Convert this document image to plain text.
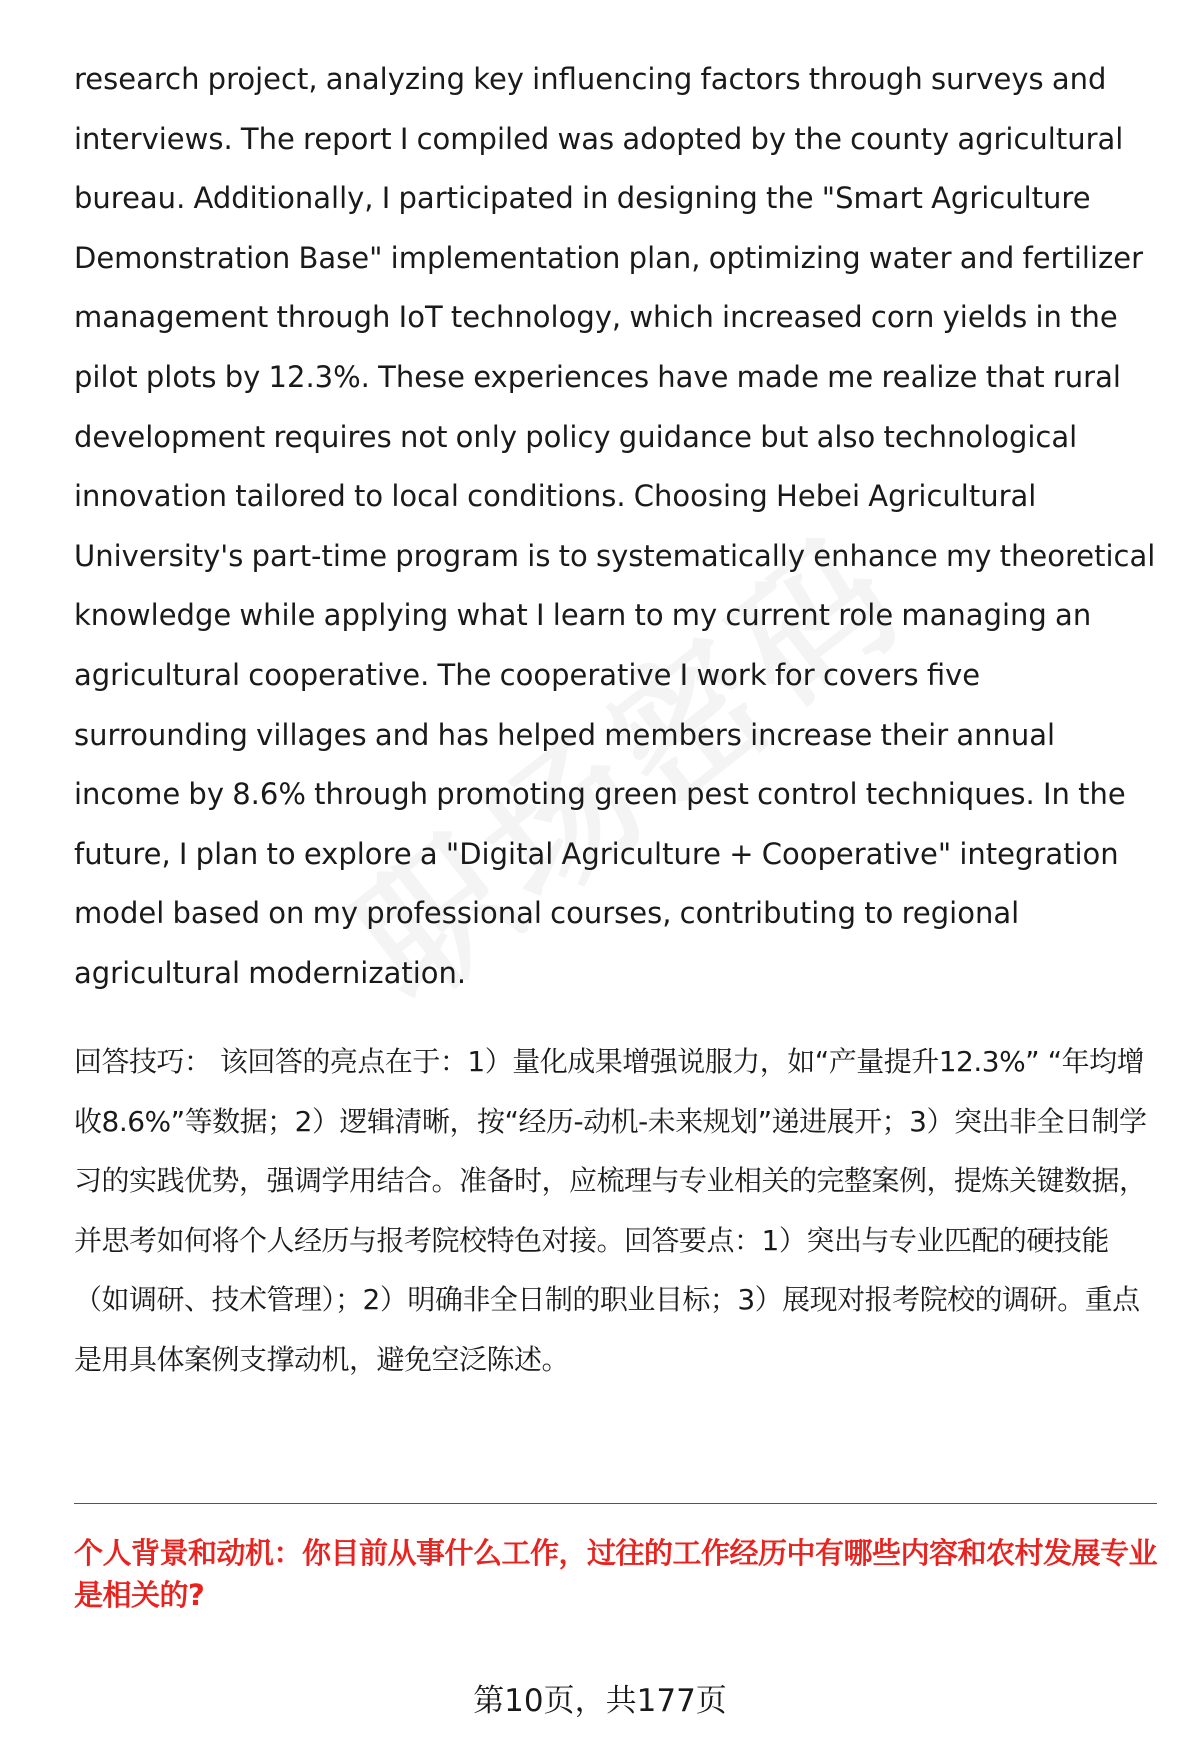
research project, analyzing key influencing factors through surveys and interviews. The report I compiled was adopted by the county agricultural bureau. Additionally, I participated in designing the "Smart Agriculture Demonstration Base" implementation plan, optimizing water and fertilizer management through IoT technology, which increased corn yields in the pilot plots by 12.3%. These experiences have made me realize that rural development requires not only policy guidance but also technological innovation tailored to local conditions. Choosing Hebei Agricultural University's part-time program is to systematically enhance my theoretical knowledge while applying what I learn to my current role managing an agricultural cooperative. The cooperative I work for covers five surrounding villages and has helped members increase their annual income by 8.6% through promoting green pest control techniques. In the future, I plan to explore a "Digital Agriculture + Cooperative" integration model based on my professional courses, contributing to regional agricultural modernization.

回答技巧： 该回答的亮点在于：1）量化成果增强说服力，如“产量提升12.3%” “年均增收8.6%”等数据；2）逻辑清晰，按“经历-动机-未来规划”递进展开；3）突出非全日制学习的实践优势，强调学用结合。准备时，应梳理与专业相关的完整案例，提炼关键数据，并思考如何将个人经历与报考院校特色对接。回答要点：1）突出与专业匹配的硬技能（如调研、技术管理）；2）明确非全日制的职业目标；3）展现对报考院校的调研。重点是用具体案例支撑动机，避免空泛陈述。

个人背景和动机：你目前从事什么工作，过往的工作经历中有哪些内容和农村发展专业是相关的?

第10页，共177页
